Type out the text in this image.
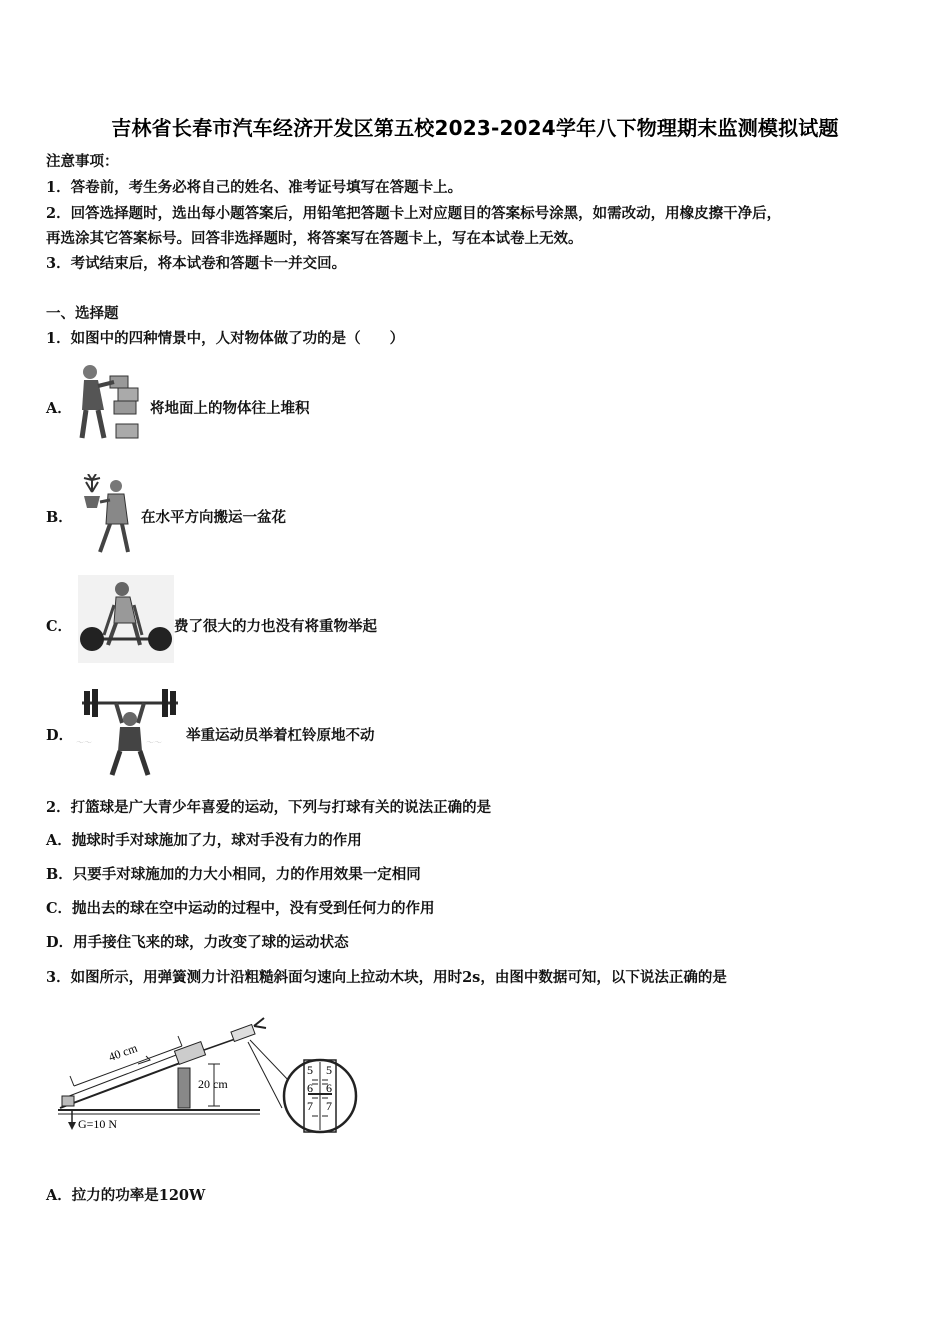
吉林省长春市汽车经济开发区第五校2023-2024学年八下物理期末监测模拟试题
注意事项：
1．答卷前，考生务必将自己的姓名、准考证号填写在答题卡上。
2．回答选择题时，选出每小题答案后，用铅笔把答题卡上对应题目的答案标号涂黑，如需改动，用橡皮擦干净后，
再选涂其它答案标号。回答非选择题时，将答案写在答题卡上，写在本试卷上无效。
3．考试结束后，将本试卷和答题卡一并交回。
一、选择题
1．如图中的四种情景中，人对物体做了功的是（　　）
A．	将地面上的物体往上堆积
B．	在水平方向搬运一盆花
C．	费了很大的力也没有将重物举起
D． ～～	～～ 举重运动员举着杠铃原地不动
2．打篮球是广大青少年喜爱的运动，下列与打球有关的说法正确的是
A．抛球时手对球施加了力，球对手没有力的作用
B．只要手对球施加的力大小相同，力的作用效果一定相同
C．抛出去的球在空中运动的过程中，没有受到任何力的作用
D．用手接住飞来的球，力改变了球的运动状态
3．如图所示，用弹簧测力计沿粗糙斜面匀速向上拉动木块，用时2s，由图中数据可知，以下说法正确的是
40 cm
20 cm
G=10 N
5
6
7
5
6
7
A．拉力的功率是120W
